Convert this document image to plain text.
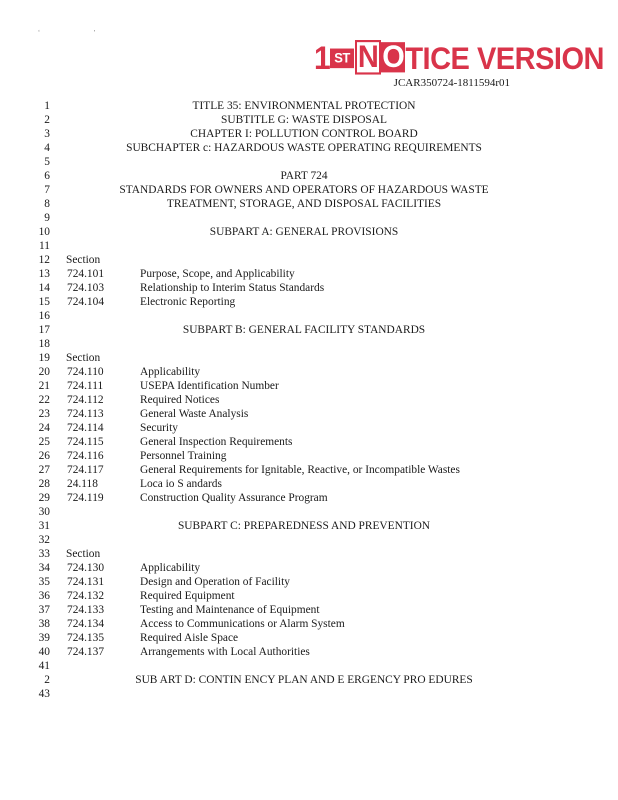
‘ ʼ
1 ST N OTICE VERSION
JCAR350724-1811594r01
1	TITLE 35: ENVIRONMENTAL PROTECTION
2	SUBTITLE G: WASTE DISPOSAL
3	CHAPTER I: POLLUTION CONTROL BOARD
4	SUBCHAPTER c: HAZARDOUS WASTE OPERATING REQUIREMENTS
5
6	PART 724
7	STANDARDS FOR OWNERS AND OPERATORS OF HAZARDOUS WASTE
8	TREATMENT, STORAGE, AND DISPOSAL FACILITIES
9
10	SUBPART A: GENERAL PROVISIONS
11
12 Section
13 724.101	Purpose, Scope, and Applicability
14 724.103	Relationship to Interim Status Standards
15 724.104	Electronic Reporting
16
17	SUBPART B: GENERAL FACILITY STANDARDS
18
19 Section
20 724.110	Applicability
21 724.111	USEPA Identification Number
22 724.112	Required Notices
23 724.113	General Waste Analysis
24 724.114	Security
25 724.115	General Inspection Requirements
26 724.116	Personnel Training
27 724.117	General Requirements for Ignitable, Reactive, or Incompatible Wastes
28 24.118	Loca io S andards
29 724.119	Construction Quality Assurance Program
30
31	SUBPART C: PREPAREDNESS AND PREVENTION
32
33 Section
34 724.130	Applicability
35 724.131	Design and Operation of Facility
36 724.132	Required Equipment
37 724.133	Testing and Maintenance of Equipment
38 724.134	Access to Communications or Alarm System
39 724.135	Required Aisle Space
40 724.137	Arrangements with Local Authorities
41
2	SUB ART D: CONTIN ENCY PLAN AND E ERGENCY PRO EDURES
43
